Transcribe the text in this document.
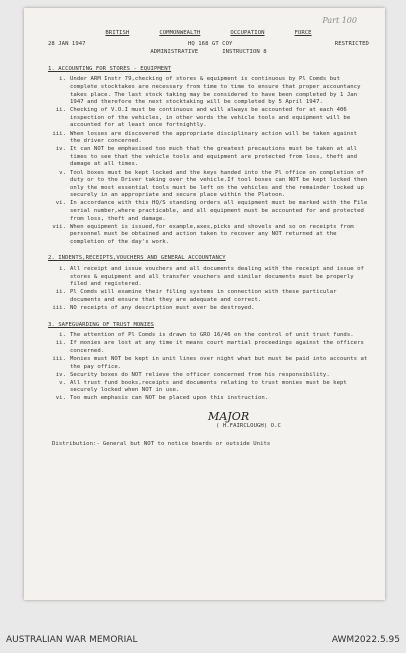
Part 100
BRITISH	COMMONWEALTH	OCCUPATION	FORCE
28 JAN 1947	HQ 168 GT COY	RESTRICTED
ADMINISTRATIVE	INSTRUCTION 8
1. ACCOUNTING FOR STORES - EQUIPMENT
i. Under ARM Instr 79,checking of stores & equipment is continuous by Pl Comds but complete stocktakes are necessary from time to time to ensure that proper accountancy takes place. The last stock taking may be considered to have been completed by 1 Jan 1947 and therefore the next stocktaking will be completed by 5 April 1947.
ii. Checking of V.O.I must be continuous and will always be accounted for at each 406 inspection of the vehicles, in other words the vehicle tools and equipment will be accounted for at least once fortnightly.
iii. When losses are discovered the appropriate disciplinary action will be taken against the driver concerned.
iv. It can NOT be emphasised too much that the greatest precautions must be taken at all times to see that the vehicle tools and equipment are protected from loss, theft and damage at all times.
v. Tool boxes must be kept locked and the keys handed into the Pl office on completion of duty or to the Driver taking over the vehicle.If tool boxes can NOT be kept locked then only the most essential tools must be left on the vehicles and the remainder locked up securely in an appropriate and secure place within the Platoon.
vi. In accordance with this HQ/S standing orders all equipment must be marked with the File serial number,where practicable, and all equipment must be accounted for and protected from loss, theft and damage.
vii. When equipment is issued,for example,axes,picks and shovels and so on receipts from personnel must be obtained and action taken to recover any NOT returned at the completion of the day's work.
2. INDENTS,RECEIPTS,VOUCHERS AND GENERAL ACCOUNTANCY
i. All receipt and issue vouchers and all documents dealing with the receipt and issue of stores & equipment and all transfer vouchers and similar documents must be properly filed and registered.
ii. Pl Comds will examine their filing systems in connection with these particular documents and ensure that they are adequate and correct.
iii. NO receipts of any description must ever be destroyed.
3. SAFEGUARDING OF TRUST MONIES
i. The attention of Pl Comds is drawn to GRO 16/46 on the control of unit trust funds.
ii. If monies are lost at any time it means court martial proceedings against the officers concerned.
iii. Monies must NOT be kept in unit lines over night what but must be paid into accounts at the pay office.
iv. Security boxes do NOT relieve the officer concerned from his responsibility.
v. All trust fund books,receipts and documents relating to trust monies must be kept securely locked when NOT in use.
vi. Too much emphasis can NOT be placed upon this instruction.
MAJOR
( H.FAIRCLOUGH) O.C
Distribution:- General but NOT to notice boards or outside Units
AUSTRALIAN WAR MEMORIAL	AWM2022.5.95
